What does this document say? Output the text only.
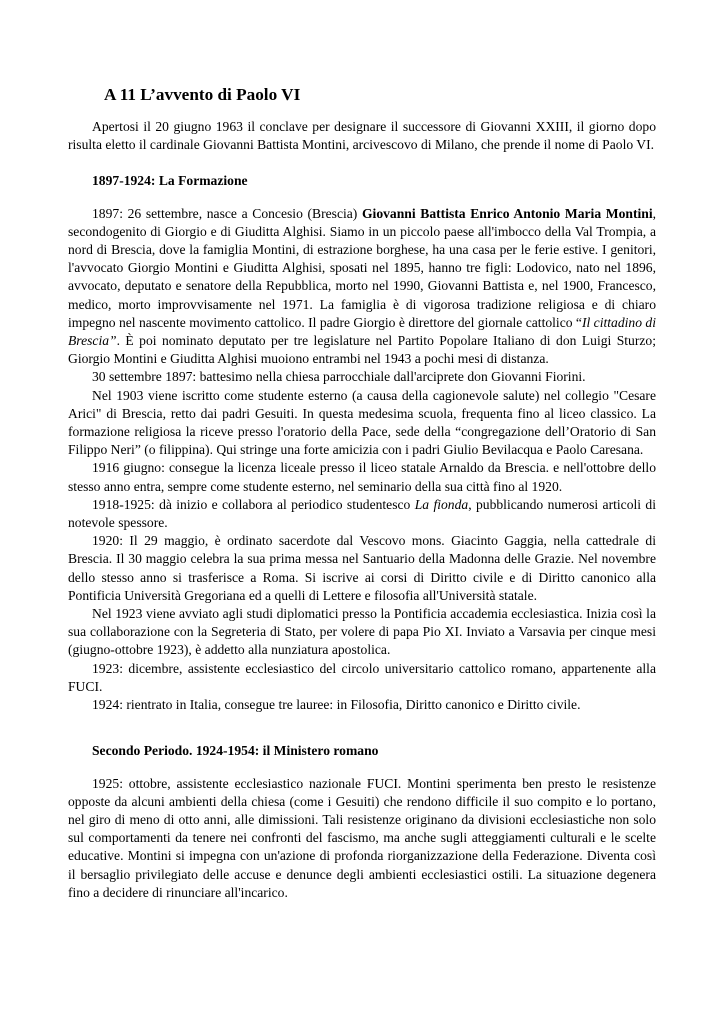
A 11 L’avvento di Paolo VI

Apertosi il 20 giugno 1963 il conclave per designare il successore di Giovanni XXIII, il giorno dopo risulta eletto il cardinale Giovanni Battista Montini, arcivescovo di Milano, che prende il nome di Paolo VI.

1897-1924: La Formazione

1897: 26 settembre, nasce a Concesio (Brescia) Giovanni Battista Enrico Antonio Maria Montini, secondogenito di Giorgio e di Giuditta Alghisi. Siamo in un piccolo paese all'imbocco della Val Trompia, a nord di Brescia, dove la famiglia Montini, di estrazione borghese, ha una casa per le ferie estive. I genitori, l'avvocato Giorgio Montini e Giuditta Alghisi, sposati nel 1895, hanno tre figli: Lodovico, nato nel 1896, avvocato, deputato e senatore della Repubblica, morto nel 1990, Giovanni Battista e, nel 1900, Francesco, medico, morto improvvisamente nel 1971. La famiglia è di vigorosa tradizione religiosa e di chiaro impegno nel nascente movimento cattolico. Il padre Giorgio è direttore del giornale cattolico “Il cittadino di Brescia”. È poi nominato deputato per tre legislature nel Partito Popolare Italiano di don Luigi Sturzo; Giorgio Montini e Giuditta Alghisi muoiono entrambi nel 1943 a pochi mesi di distanza.

30 settembre 1897: battesimo nella chiesa parrocchiale dall'arciprete don Giovanni Fiorini.

Nel 1903 viene iscritto come studente esterno (a causa della cagionevole salute) nel collegio "Cesare Arici" di Brescia, retto dai padri Gesuiti. In questa medesima scuola, frequenta fino al liceo classico. La formazione religiosa la riceve presso l'oratorio della Pace, sede della “congregazione dell’Oratorio di San Filippo Neri” (o filippina). Qui stringe una forte amicizia con i padri Giulio Bevilacqua e Paolo Caresana.

1916 giugno: consegue la licenza liceale presso il liceo statale Arnaldo da Brescia. e nell'ottobre dello stesso anno entra, sempre come studente esterno, nel seminario della sua città fino al 1920.

1918-1925: dà inizio e collabora al periodico studentesco La fionda, pubblicando numerosi articoli di notevole spessore.

1920: Il 29 maggio, è ordinato sacerdote dal Vescovo mons. Giacinto Gaggia, nella cattedrale di Brescia. Il 30 maggio celebra la sua prima messa nel Santuario della Madonna delle Grazie. Nel novembre dello stesso anno si trasferisce a Roma. Si iscrive ai corsi di Diritto civile e di Diritto canonico alla Pontificia Università Gregoriana ed a quelli di Lettere e filosofia all'Università statale.

Nel 1923 viene avviato agli studi diplomatici presso la Pontificia accademia ecclesiastica. Inizia così la sua collaborazione con la Segreteria di Stato, per volere di papa Pio XI. Inviato a Varsavia per cinque mesi (giugno-ottobre 1923), è addetto alla nunziatura apostolica.

1923: dicembre, assistente ecclesiastico del circolo universitario cattolico romano, appartenente alla FUCI.

1924: rientrato in Italia, consegue tre lauree: in Filosofia, Diritto canonico e Diritto civile.

Secondo Periodo. 1924-1954: il Ministero romano

1925: ottobre, assistente ecclesiastico nazionale FUCI. Montini sperimenta ben presto le resistenze opposte da alcuni ambienti della chiesa (come i Gesuiti) che rendono difficile il suo compito e lo portano, nel giro di meno di otto anni, alle dimissioni. Tali resistenze originano da divisioni ecclesiastiche non solo sul comportamenti da tenere nei confronti del fascismo, ma anche sugli atteggiamenti culturali e le scelte educative. Montini si impegna con un'azione di profonda riorganizzazione della Federazione. Diventa così il bersaglio privilegiato delle accuse e denunce degli ambienti ecclesiastici ostili. La situazione degenera fino a decidere di rinunciare all'incarico.
